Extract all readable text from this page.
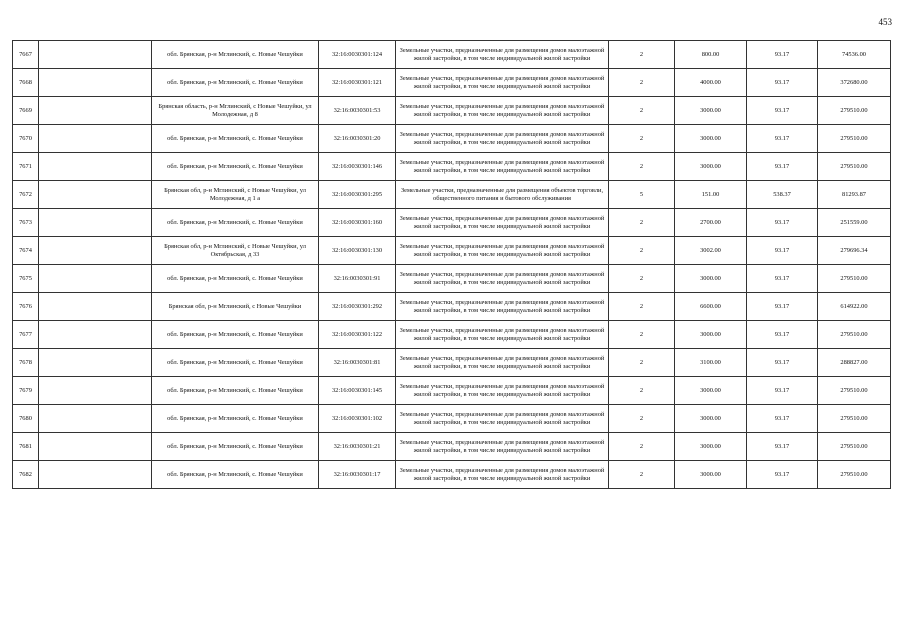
453
7667		обл. Брянская, р-н Мглинский, с. Новые Чешуйки	32:16:0030301:124	Земельные участки, предназначенные для размещения домов малоэтажной жилой застройки, в том числе индивидуальной жилой застройки	2	800.00	93.17	74536.00
7668		обл. Брянская, р-н Мглинский, с. Новые Чешуйки	32:16:0030301:121	Земельные участки, предназначенные для размещения домов малоэтажной жилой застройки, в том числе индивидуальной жилой застройки	2	4000.00	93.17	372680.00
7669		Брянская область, р-н Мглинский, с Новые Чешуйки, ул Молодежная, д 8	32:16:0030301:53	Земельные участки, предназначенные для размещения домов малоэтажной жилой застройки, в том числе индивидуальной жилой застройки	2	3000.00	93.17	279510.00
7670		обл. Брянская, р-н Мглинский, с. Новые Чешуйки	32:16:0030301:20	Земельные участки, предназначенные для размещения домов малоэтажной жилой застройки, в том числе индивидуальной жилой застройки	2	3000.00	93.17	279510.00
7671		обл. Брянская, р-н Мглинский, с. Новые Чешуйки	32:16:0030301:146	Земельные участки, предназначенные для размещения домов малоэтажной жилой застройки, в том числе индивидуальной жилой застройки	2	3000.00	93.17	279510.00
7672		Брянская обл, р-н Мглинский, с Новые Чешуйки, ул Молодежная, д 1 а	32:16:0030301:295	Земельные участки, предназначенные для размещения объектов торговли, общественного питания и бытового обслуживания	5	151.00	538.37	81293.87
7673		обл. Брянская, р-н Мглинский, с. Новые Чешуйки	32:16:0030301:160	Земельные участки, предназначенные для размещения домов малоэтажной жилой застройки, в том числе индивидуальной жилой застройки	2	2700.00	93.17	251559.00
7674		Брянская обл, р-н Мглинский, с Новые Чешуйки, ул Октябрьская, д 33	32:16:0030301:130	Земельные участки, предназначенные для размещения домов малоэтажной жилой застройки, в том числе индивидуальной жилой застройки	2	3002.00	93.17	279696.34
7675		обл. Брянская, р-н Мглинский, с. Новые Чешуйки	32:16:0030301:91	Земельные участки, предназначенные для размещения домов малоэтажной жилой застройки, в том числе индивидуальной жилой застройки	2	3000.00	93.17	279510.00
7676		Брянская обл, р-н Мглинский, с Новые Чешуйки	32:16:0030301:292	Земельные участки, предназначенные для размещения домов малоэтажной жилой застройки, в том числе индивидуальной жилой застройки	2	6600.00	93.17	614922.00
7677		обл. Брянская, р-н Мглинский, с. Новые Чешуйки	32:16:0030301:122	Земельные участки, предназначенные для размещения домов малоэтажной жилой застройки, в том числе индивидуальной жилой застройки	2	3000.00	93.17	279510.00
7678		обл. Брянская, р-н Мглинский, с. Новые Чешуйки	32:16:0030301:81	Земельные участки, предназначенные для размещения домов малоэтажной жилой застройки, в том числе индивидуальной жилой застройки	2	3100.00	93.17	288827.00
7679		обл. Брянская, р-н Мглинский, с. Новые Чешуйки	32:16:0030301:145	Земельные участки, предназначенные для размещения домов малоэтажной жилой застройки, в том числе индивидуальной жилой застройки	2	3000.00	93.17	279510.00
7680		обл. Брянская, р-н Мглинский, с. Новые Чешуйки	32:16:0030301:102	Земельные участки, предназначенные для размещения домов малоэтажной жилой застройки, в том числе индивидуальной жилой застройки	2	3000.00	93.17	279510.00
7681		обл. Брянская, р-н Мглинский, с. Новые Чешуйки	32:16:0030301:21	Земельные участки, предназначенные для размещения домов малоэтажной жилой застройки, в том числе индивидуальной жилой застройки	2	3000.00	93.17	279510.00
7682		обл. Брянская, р-н Мглинский, с. Новые Чешуйки	32:16:0030301:17	Земельные участки, предназначенные для размещения домов малоэтажной жилой застройки, в том числе индивидуальной жилой застройки	2	3000.00	93.17	279510.00
